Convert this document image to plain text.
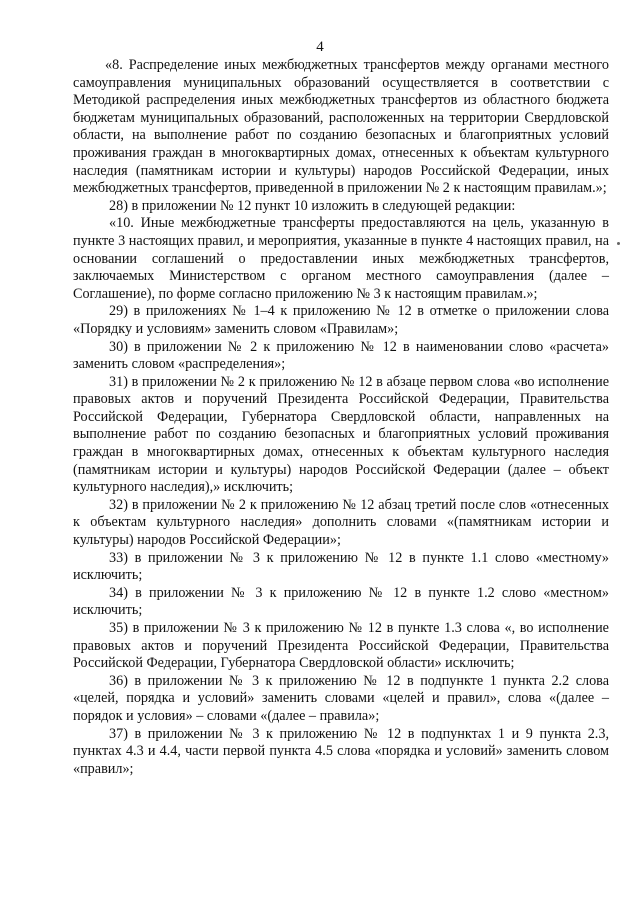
4

«8. Распределение иных межбюджетных трансфертов между органами местного самоуправления муниципальных образований осуществляется в соответствии с Методикой распределения иных межбюджетных трансфертов из областного бюджета бюджетам муниципальных образований, расположенных на территории Свердловской области, на выполнение работ по созданию безопасных и благоприятных условий проживания граждан в многоквартирных домах, отнесенных к объектам культурного наследия (памятникам истории и культуры) народов Российской Федерации, иных межбюджетных трансфертов, приведенной в приложении № 2 к настоящим правилам.»;

28) в приложении № 12 пункт 10 изложить в следующей редакции:

«10. Иные межбюджетные трансферты предоставляются на цель, указанную в пункте 3 настоящих правил, и мероприятия, указанные в пункте 4 настоящих правил, на основании соглашений о предоставлении иных межбюджетных трансфертов, заключаемых Министерством с органом местного самоуправления (далее – Соглашение), по форме согласно приложению № 3 к настоящим правилам.»;

29) в приложениях № 1–4 к приложению № 12 в отметке о приложении слова «Порядку и условиям» заменить словом «Правилам»;

30) в приложении № 2 к приложению № 12 в наименовании слово «расчета» заменить словом «распределения»;

31) в приложении № 2 к приложению № 12 в абзаце первом слова «во исполнение правовых актов и поручений Президента Российской Федерации, Правительства Российской Федерации, Губернатора Свердловской области, направленных на выполнение работ по созданию безопасных и благоприятных условий проживания граждан в многоквартирных домах, отнесенных к объектам культурного наследия (памятникам истории и культуры) народов Российской Федерации (далее – объект культурного наследия),» исключить;

32) в приложении № 2 к приложению № 12 абзац третий после слов «отнесенных к объектам культурного наследия» дополнить словами «(памятникам истории и культуры) народов Российской Федерации»;

33) в приложении № 3 к приложению № 12 в пункте 1.1 слово «местному» исключить;

34) в приложении № 3 к приложению № 12 в пункте 1.2 слово «местном» исключить;

35) в приложении № 3 к приложению № 12 в пункте 1.3 слова «, во исполнение правовых актов и поручений Президента Российской Федерации, Правительства Российской Федерации, Губернатора Свердловской области» исключить;

36) в приложении № 3 к приложению № 12 в подпункте 1 пункта 2.2 слова «целей, порядка и условий» заменить словами «целей и правил», слова «(далее – порядок и условия» – словами «(далее – правила»;

37) в приложении № 3 к приложению № 12 в подпунктах 1 и 9 пункта 2.3, пунктах 4.3 и 4.4, части первой пункта 4.5 слова «порядка и условий» заменить словом «правил»;
